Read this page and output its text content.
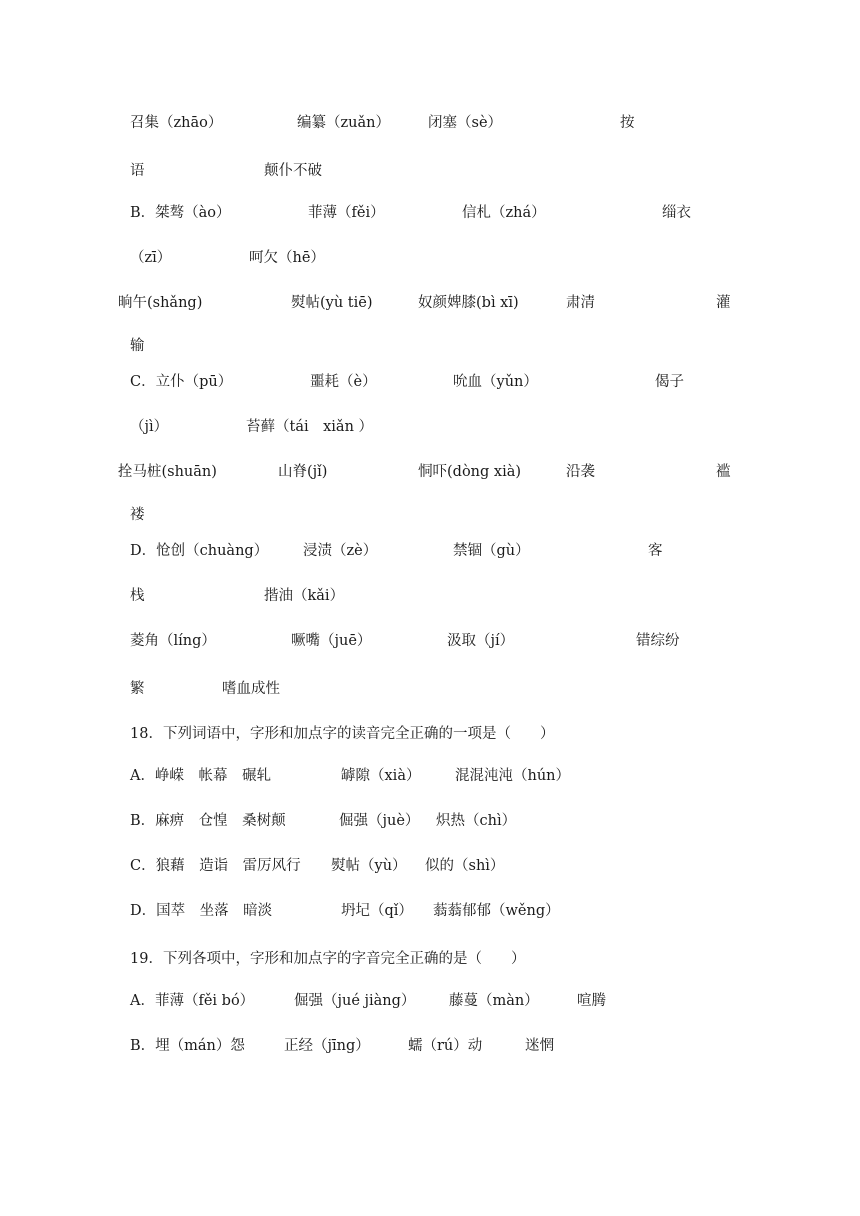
召集（zhāo）	编纂（zuǎn）	闭塞（sè）	按
语	颠仆不破
B．桀骜（ào）	菲薄（fěi）	信札（zhá）	缁衣
（zī）	呵欠（hē）
晌午(shǎng)	熨帖(yù tiē)	奴颜婢膝(bì xī)	肃清	灌
输
C．立仆（pū）	噩耗（è）	吮血（yǔn）	偈子
（jì）	苔藓（tái　xiǎn ）
拴马桩(shuān)	山脊(jǐ)	恫吓(dòng xià)	沿袭	褴
褛
D．怆创（chuàng） 浸渍（zè）	禁锢（gù）	客
栈	揩油（kǎi）
菱角（líng）	噘嘴（juē）	汲取（jí）	错综纷
繁	嗜血成性
18．下列词语中，字形和加点字的读音完全正确的一项是（　　）
A．峥嵘　帐幕　碾轧	罅隙（xià） 混混沌沌（hún）
B．麻痹　仓惶　桑树颠	倔强（juè） 炽热（chì）
C．狼藉　造诣　雷厉风行 熨帖（yù） 似的（shì）
D．国萃　坐落　暗淡	坍圮（qǐ） 蓊蓊郁郁（wěng）
19．下列各项中，字形和加点字的字音完全正确的是（　　）
A．菲薄（fěi bó）	倔强（jué jiàng） 藤蔓（màn）	喧腾
B．埋（mán）怨	正经（jīng）	蠕（rú）动	迷惘
